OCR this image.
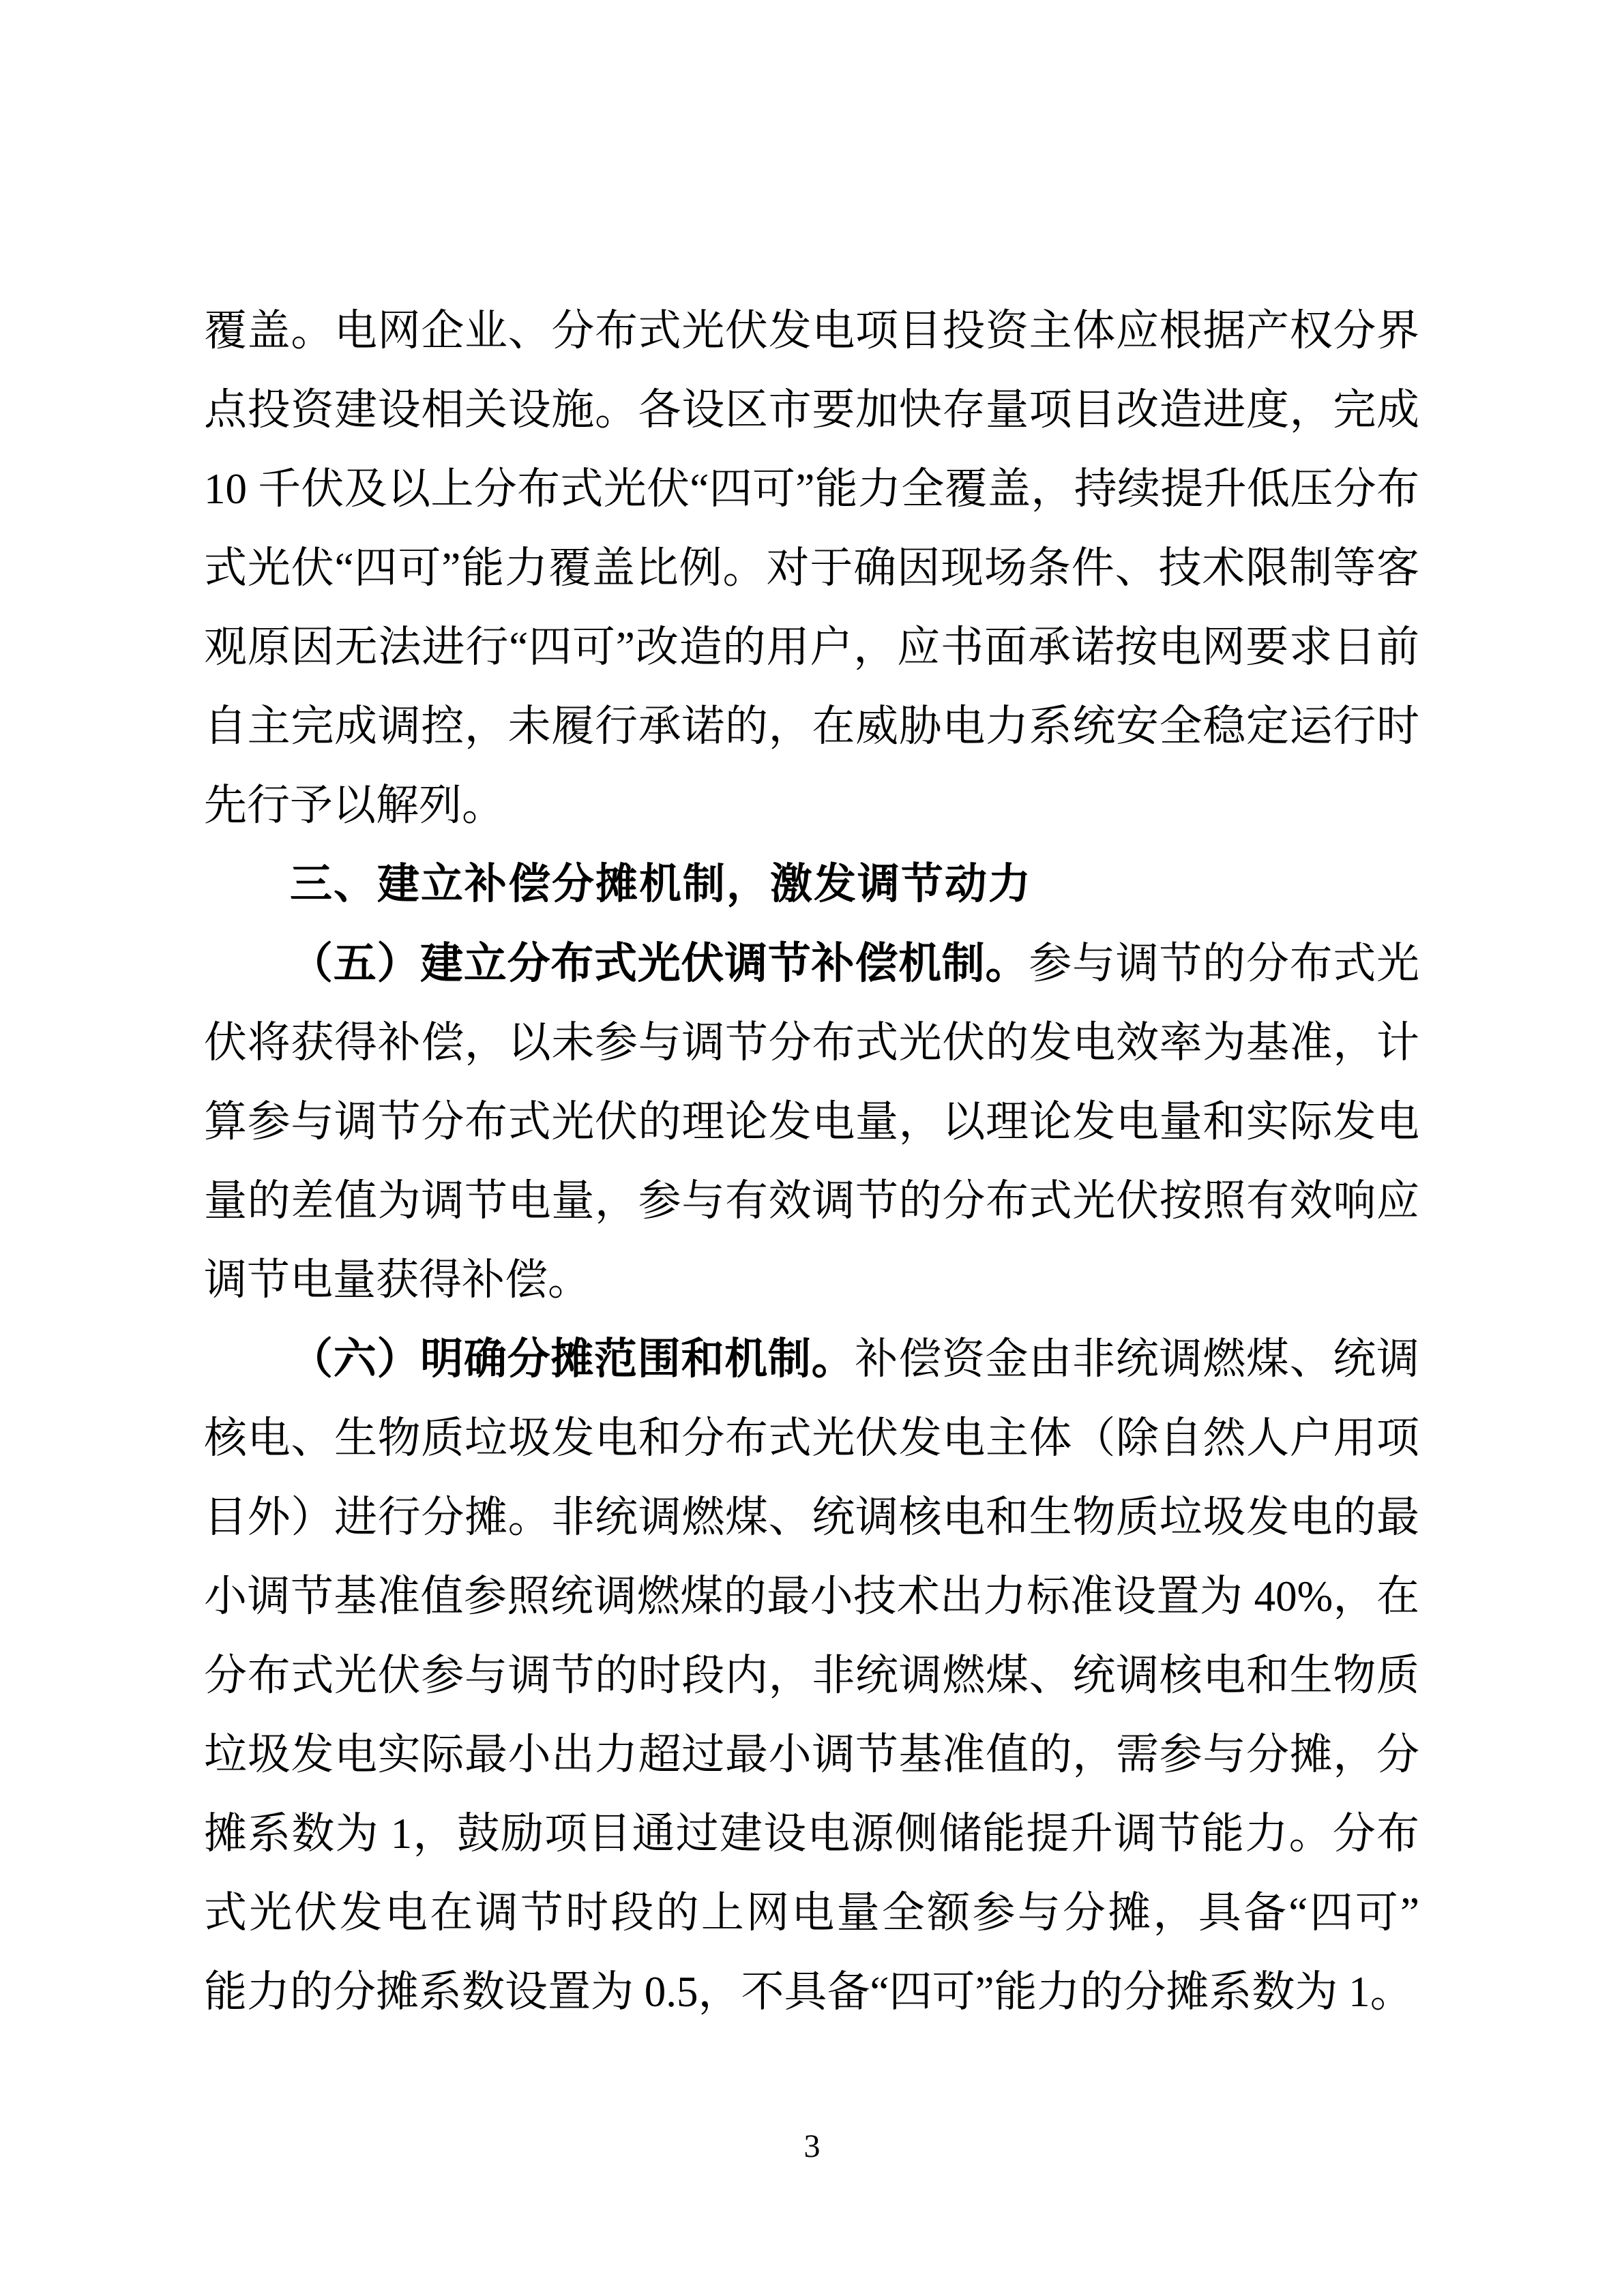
覆盖。电网企业、分布式光伏发电项目投资主体应根据产权分界
点投资建设相关设施。各设区市要加快存量项目改造进度，完成
10 千伏及以上分布式光伏“四可”能力全覆盖，持续提升低压分布
式光伏“四可”能力覆盖比例。对于确因现场条件、技术限制等客
观原因无法进行“四可”改造的用户，应书面承诺按电网要求日前
自主完成调控，未履行承诺的，在威胁电力系统安全稳定运行时
先行予以解列。
三、建立补偿分摊机制，激发调节动力
（五）建立分布式光伏调节补偿机制。参与调节的分布式光
伏将获得补偿，以未参与调节分布式光伏的发电效率为基准，计
算参与调节分布式光伏的理论发电量，以理论发电量和实际发电
量的差值为调节电量，参与有效调节的分布式光伏按照有效响应
调节电量获得补偿。
（六）明确分摊范围和机制。补偿资金由非统调燃煤、统调
核电、生物质垃圾发电和分布式光伏发电主体（除自然人户用项
目外）进行分摊。非统调燃煤、统调核电和生物质垃圾发电的最
小调节基准值参照统调燃煤的最小技术出力标准设置为 40%，在
分布式光伏参与调节的时段内，非统调燃煤、统调核电和生物质
垃圾发电实际最小出力超过最小调节基准值的，需参与分摊，分
摊系数为 1，鼓励项目通过建设电源侧储能提升调节能力。分布
式光伏发电在调节时段的上网电量全额参与分摊，具备“四可”
能力的分摊系数设置为 0.5，不具备“四可”能力的分摊系数为 1。
3
